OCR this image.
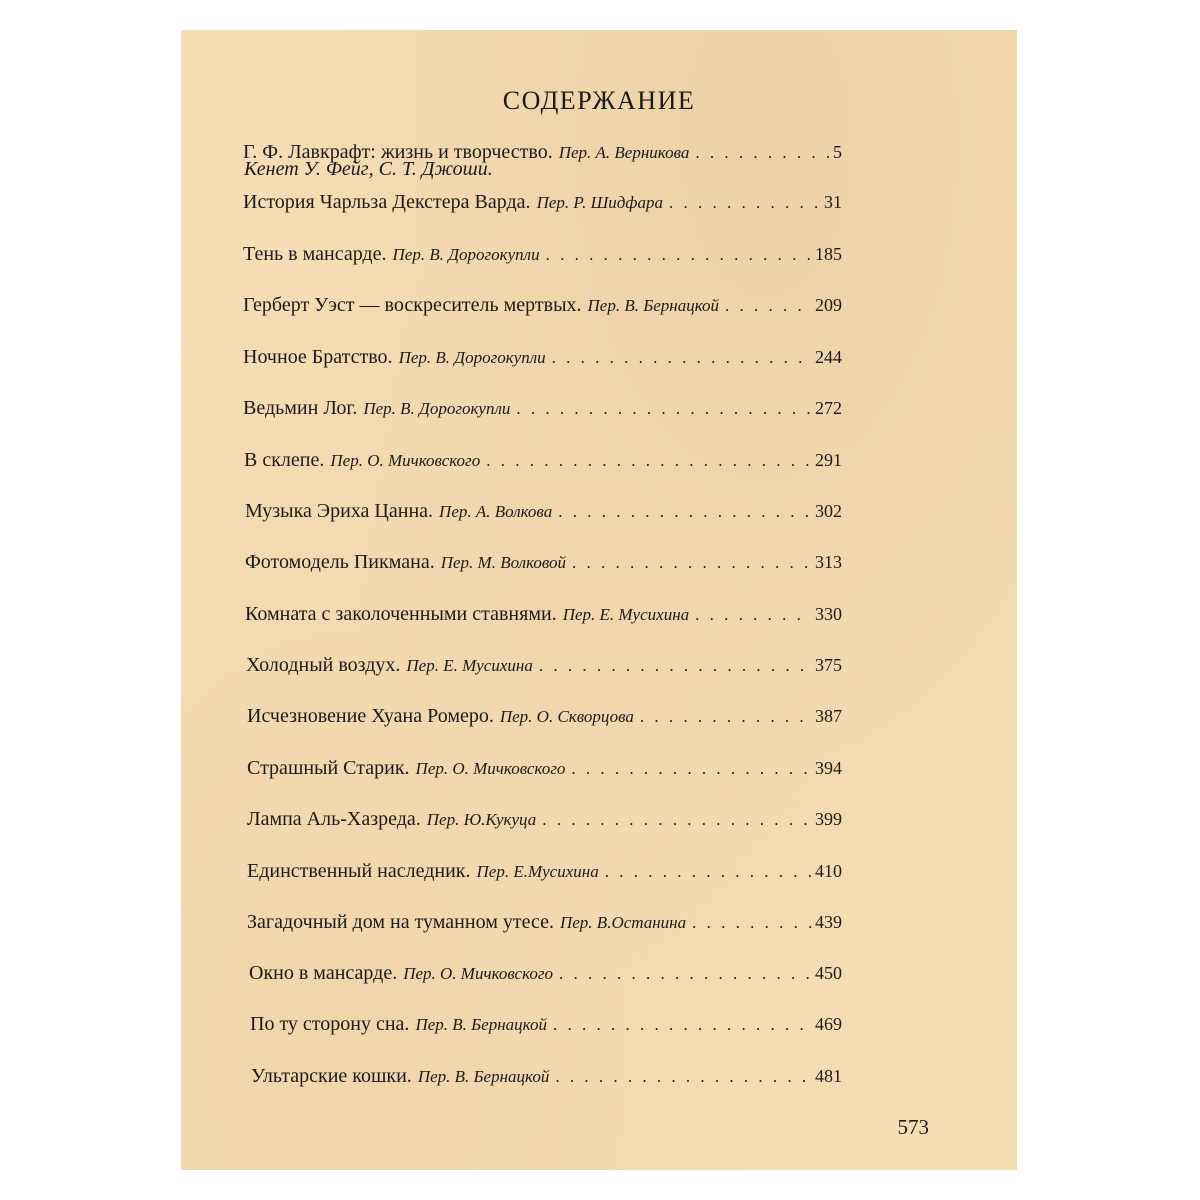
СОДЕРЖАНИЕ
Кенет У. Фейг, С. Т. Джоши.
Г. Ф. Лавкрафт: жизнь и творчество. Пер. А. Верникова . . .	5
История Чарльза Декстера Варда. Пер. Р. Шидфара . . .	31
Тень в мансарде. Пер. В. Дорогокупли . . .	185
Герберт Уэст — воскреситель мертвых. Пер. В. Бернацкой . . .	209
Ночное Братство. Пер. В. Дорогокупли . . .	244
Ведьмин Лог. Пер. В. Дорогокупли . . .	272
В склепе. Пер. О. Мичковского . . .	291
Музыка Эриха Цанна. Пер. А. Волкова . . .	302
Фотомодель Пикмана. Пер. М. Волковой . . .	313
Комната с заколоченными ставнями. Пер. Е. Мусихина . . .	330
Холодный воздух. Пер. Е. Мусихина . . .	375
Исчезновение Хуана Ромеро. Пер. О. Скворцова . . .	387
Страшный Старик. Пер. О. Мичковского . . .	394
Лампа Аль-Хазреда. Пер. Ю.Кукуца . . .	399
Единственный наследник. Пер. Е.Мусихина . . .	410
Загадочный дом на туманном утесе. Пер. В.Останина . . .	439
Окно в мансарде. Пер. О. Мичковского . . .	450
По ту сторону сна. Пер. В. Бернацкой . . .	469
Ультарские кошки. Пер. В. Бернацкой . . .	481
573
